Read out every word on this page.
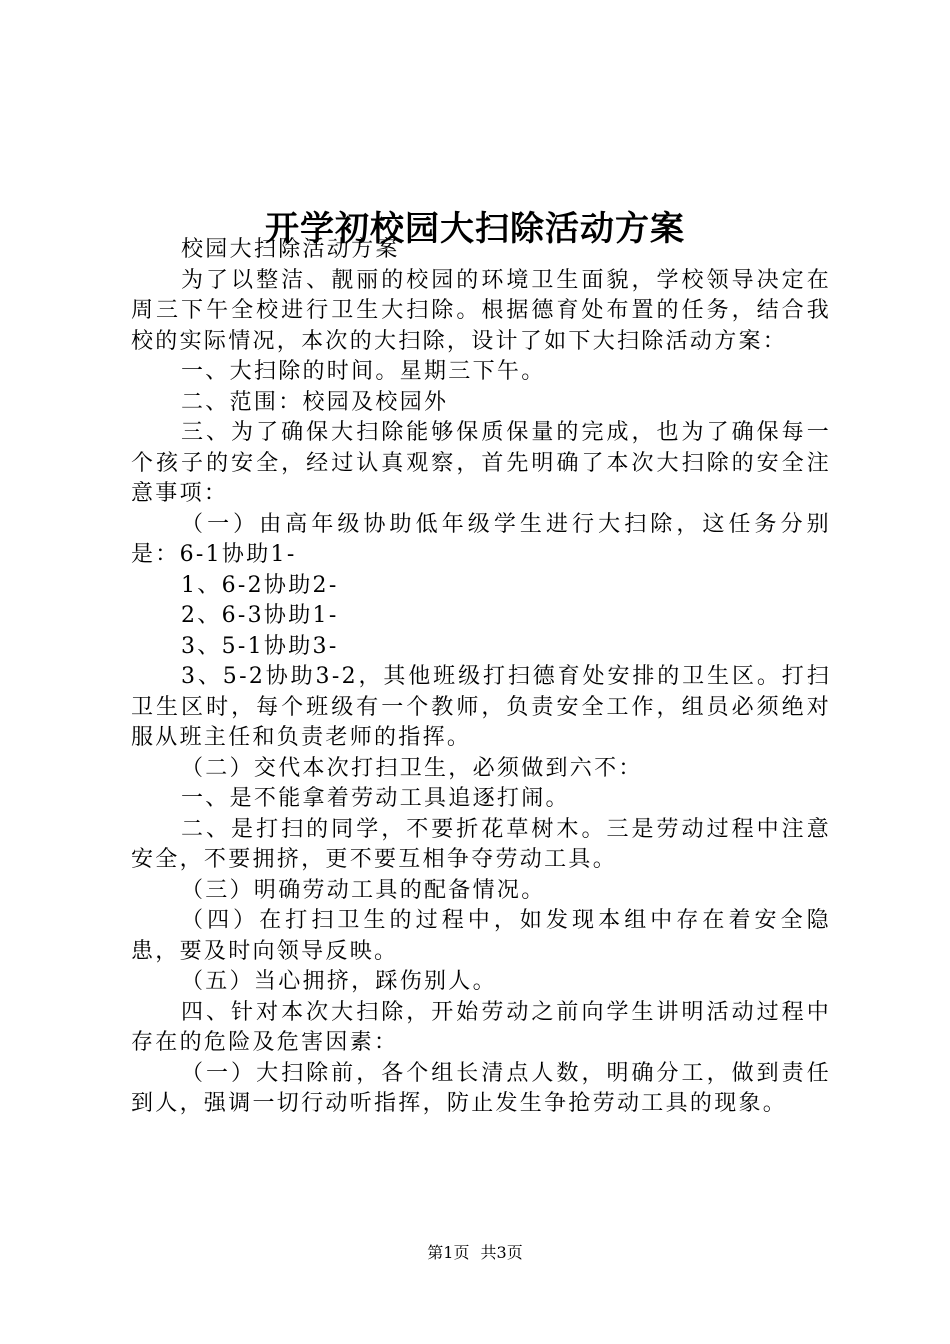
开学初校园大扫除活动方案

校园大扫除活动方案

为了以整洁、靓丽的校园的环境卫生面貌，学校领导决定在周三下午全校进行卫生大扫除。根据德育处布置的任务，结合我校的实际情况，本次的大扫除，设计了如下大扫除活动方案：

一、大扫除的时间。星期三下午。

二、范围：校园及校园外

三、为了确保大扫除能够保质保量的完成，也为了确保每一个孩子的安全，经过认真观察，首先明确了本次大扫除的安全注意事项：

（一）由高年级协助低年级学生进行大扫除，这任务分别是：6-1协助1-

1、6-2协助2-

2、6-3协助1-

3、5-1协助3-

3、5-2协助3-2，其他班级打扫德育处安排的卫生区。打扫卫生区时，每个班级有一个教师，负责安全工作，组员必须绝对服从班主任和负责老师的指挥。

（二）交代本次打扫卫生，必须做到六不：

一、是不能拿着劳动工具追逐打闹。

二、是打扫的同学，不要折花草树木。三是劳动过程中注意安全，不要拥挤，更不要互相争夺劳动工具。

（三）明确劳动工具的配备情况。

（四）在打扫卫生的过程中，如发现本组中存在着安全隐患，要及时向领导反映。

（五）当心拥挤，踩伤别人。

四、针对本次大扫除，开始劳动之前向学生讲明活动过程中存在的危险及危害因素：

（一）大扫除前，各个组长清点人数，明确分工，做到责任到人，强调一切行动听指挥，防止发生争抢劳动工具的现象。

第1页 共3页
